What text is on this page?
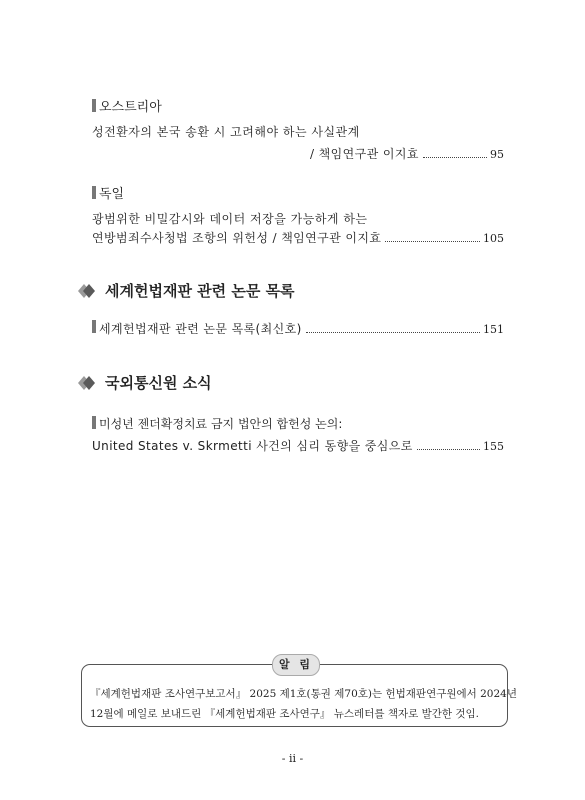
오스트리아
성전환자의 본국 송환 시 고려해야 하는 사실관계
/ 책임연구관 이지효	95
독일
광범위한 비밀감시와 데이터 저장을 가능하게 하는
연방범죄수사청법 조항의 위헌성 / 책임연구관 이지효	105
세계헌법재판 관련 논문 목록
세계헌법재판 관련 논문 목록(최신호)	151
국외통신원 소식
미성년 젠더확정치료 금지 법안의 합헌성 논의:
United States v. Skrmetti 사건의 심리 동향을 중심으로	155
알 림
『세계헌법재판 조사연구보고서』 2025 제1호(통권 제70호)는 헌법재판연구원에서 2024년
12월에 메일로 보내드린 『세계헌법재판 조사연구』 뉴스레터를 책자로 발간한 것임.
- ii -
